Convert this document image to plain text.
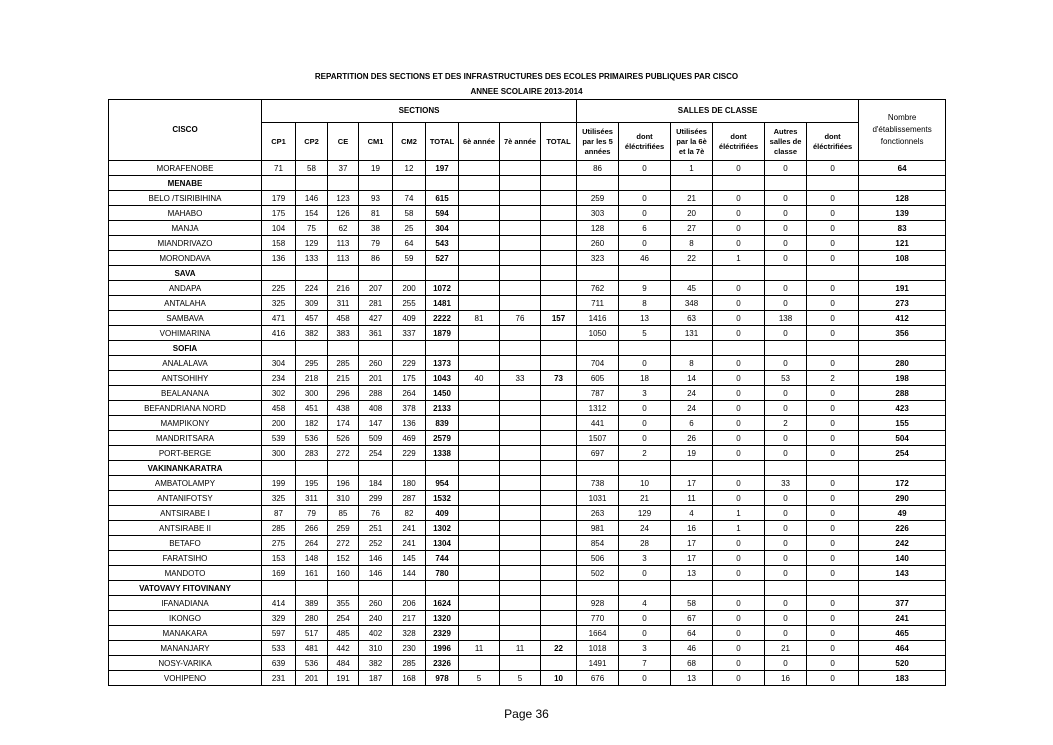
REPARTITION DES SECTIONS ET DES INFRASTRUCTURES DES ECOLES PRIMAIRES PUBLIQUES PAR CISCO
ANNEE SCOLAIRE 2013-2014
CISCO	SECTIONS									SALLES DE CLASSE						Nombre d'établissements fonctionnels
	CP1	CP2	CE	CM1	CM2	TOTAL	6è année	7è année	TOTAL	Utilisées par les 5 années	dont éléctrifiées	Utilisées par la 6è et la 7è	dont éléctrifiées	Autres salles de classe	dont éléctrifiées	
MORAFENOBE	71	58	37	19	12	197				86	0	1	0	0	0	64
MENABE																
BELO /TSIRIBIHINA	179	146	123	93	74	615				259	0	21	0	0	0	128
MAHABO	175	154	126	81	58	594				303	0	20	0	0	0	139
MANJA	104	75	62	38	25	304				128	6	27	0	0	0	83
MIANDRIVAZO	158	129	113	79	64	543				260	0	8	0	0	0	121
MORONDAVA	136	133	113	86	59	527				323	46	22	1	0	0	108
SAVA																
ANDAPA	225	224	216	207	200	1072				762	9	45	0	0	0	191
ANTALAHA	325	309	311	281	255	1481				711	8	348	0	0	0	273
SAMBAVA	471	457	458	427	409	2222	81	76	157	1416	13	63	0	138	0	412
VOHIMARINA	416	382	383	361	337	1879				1050	5	131	0	0	0	356
SOFIA																
ANALALAVA	304	295	285	260	229	1373				704	0	8	0	0	0	280
ANTSOHIHY	234	218	215	201	175	1043	40	33	73	605	18	14	0	53	2	198
BEALANANA	302	300	296	288	264	1450				787	3	24	0	0	0	288
BEFANDRIANA NORD	458	451	438	408	378	2133				1312	0	24	0	0	0	423
MAMPIKONY	200	182	174	147	136	839				441	0	6	0	2	0	155
MANDRITSARA	539	536	526	509	469	2579				1507	0	26	0	0	0	504
PORT-BERGE	300	283	272	254	229	1338				697	2	19	0	0	0	254
VAKINANKARATRA																
AMBATOLAMPY	199	195	196	184	180	954				738	10	17	0	33	0	172
ANTANIFOTSY	325	311	310	299	287	1532				1031	21	11	0	0	0	290
ANTSIRABE I	87	79	85	76	82	409				263	129	4	1	0	0	49
ANTSIRABE II	285	266	259	251	241	1302				981	24	16	1	0	0	226
BETAFO	275	264	272	252	241	1304				854	28	17	0	0	0	242
FARATSIHO	153	148	152	146	145	744				506	3	17	0	0	0	140
MANDOTO	169	161	160	146	144	780				502	0	13	0	0	0	143
VATOVAVY FITOVINANY																
IFANADIANA	414	389	355	260	206	1624				928	4	58	0	0	0	377
IKONGO	329	280	254	240	217	1320				770	0	67	0	0	0	241
MANAKARA	597	517	485	402	328	2329				1664	0	64	0	0	0	465
MANANJARY	533	481	442	310	230	1996	11	11	22	1018	3	46	0	21	0	464
NOSY-VARIKA	639	536	484	382	285	2326				1491	7	68	0	0	0	520
VOHIPENO	231	201	191	187	168	978	5	5	10	676	0	13	0	16	0	183
Page 36
